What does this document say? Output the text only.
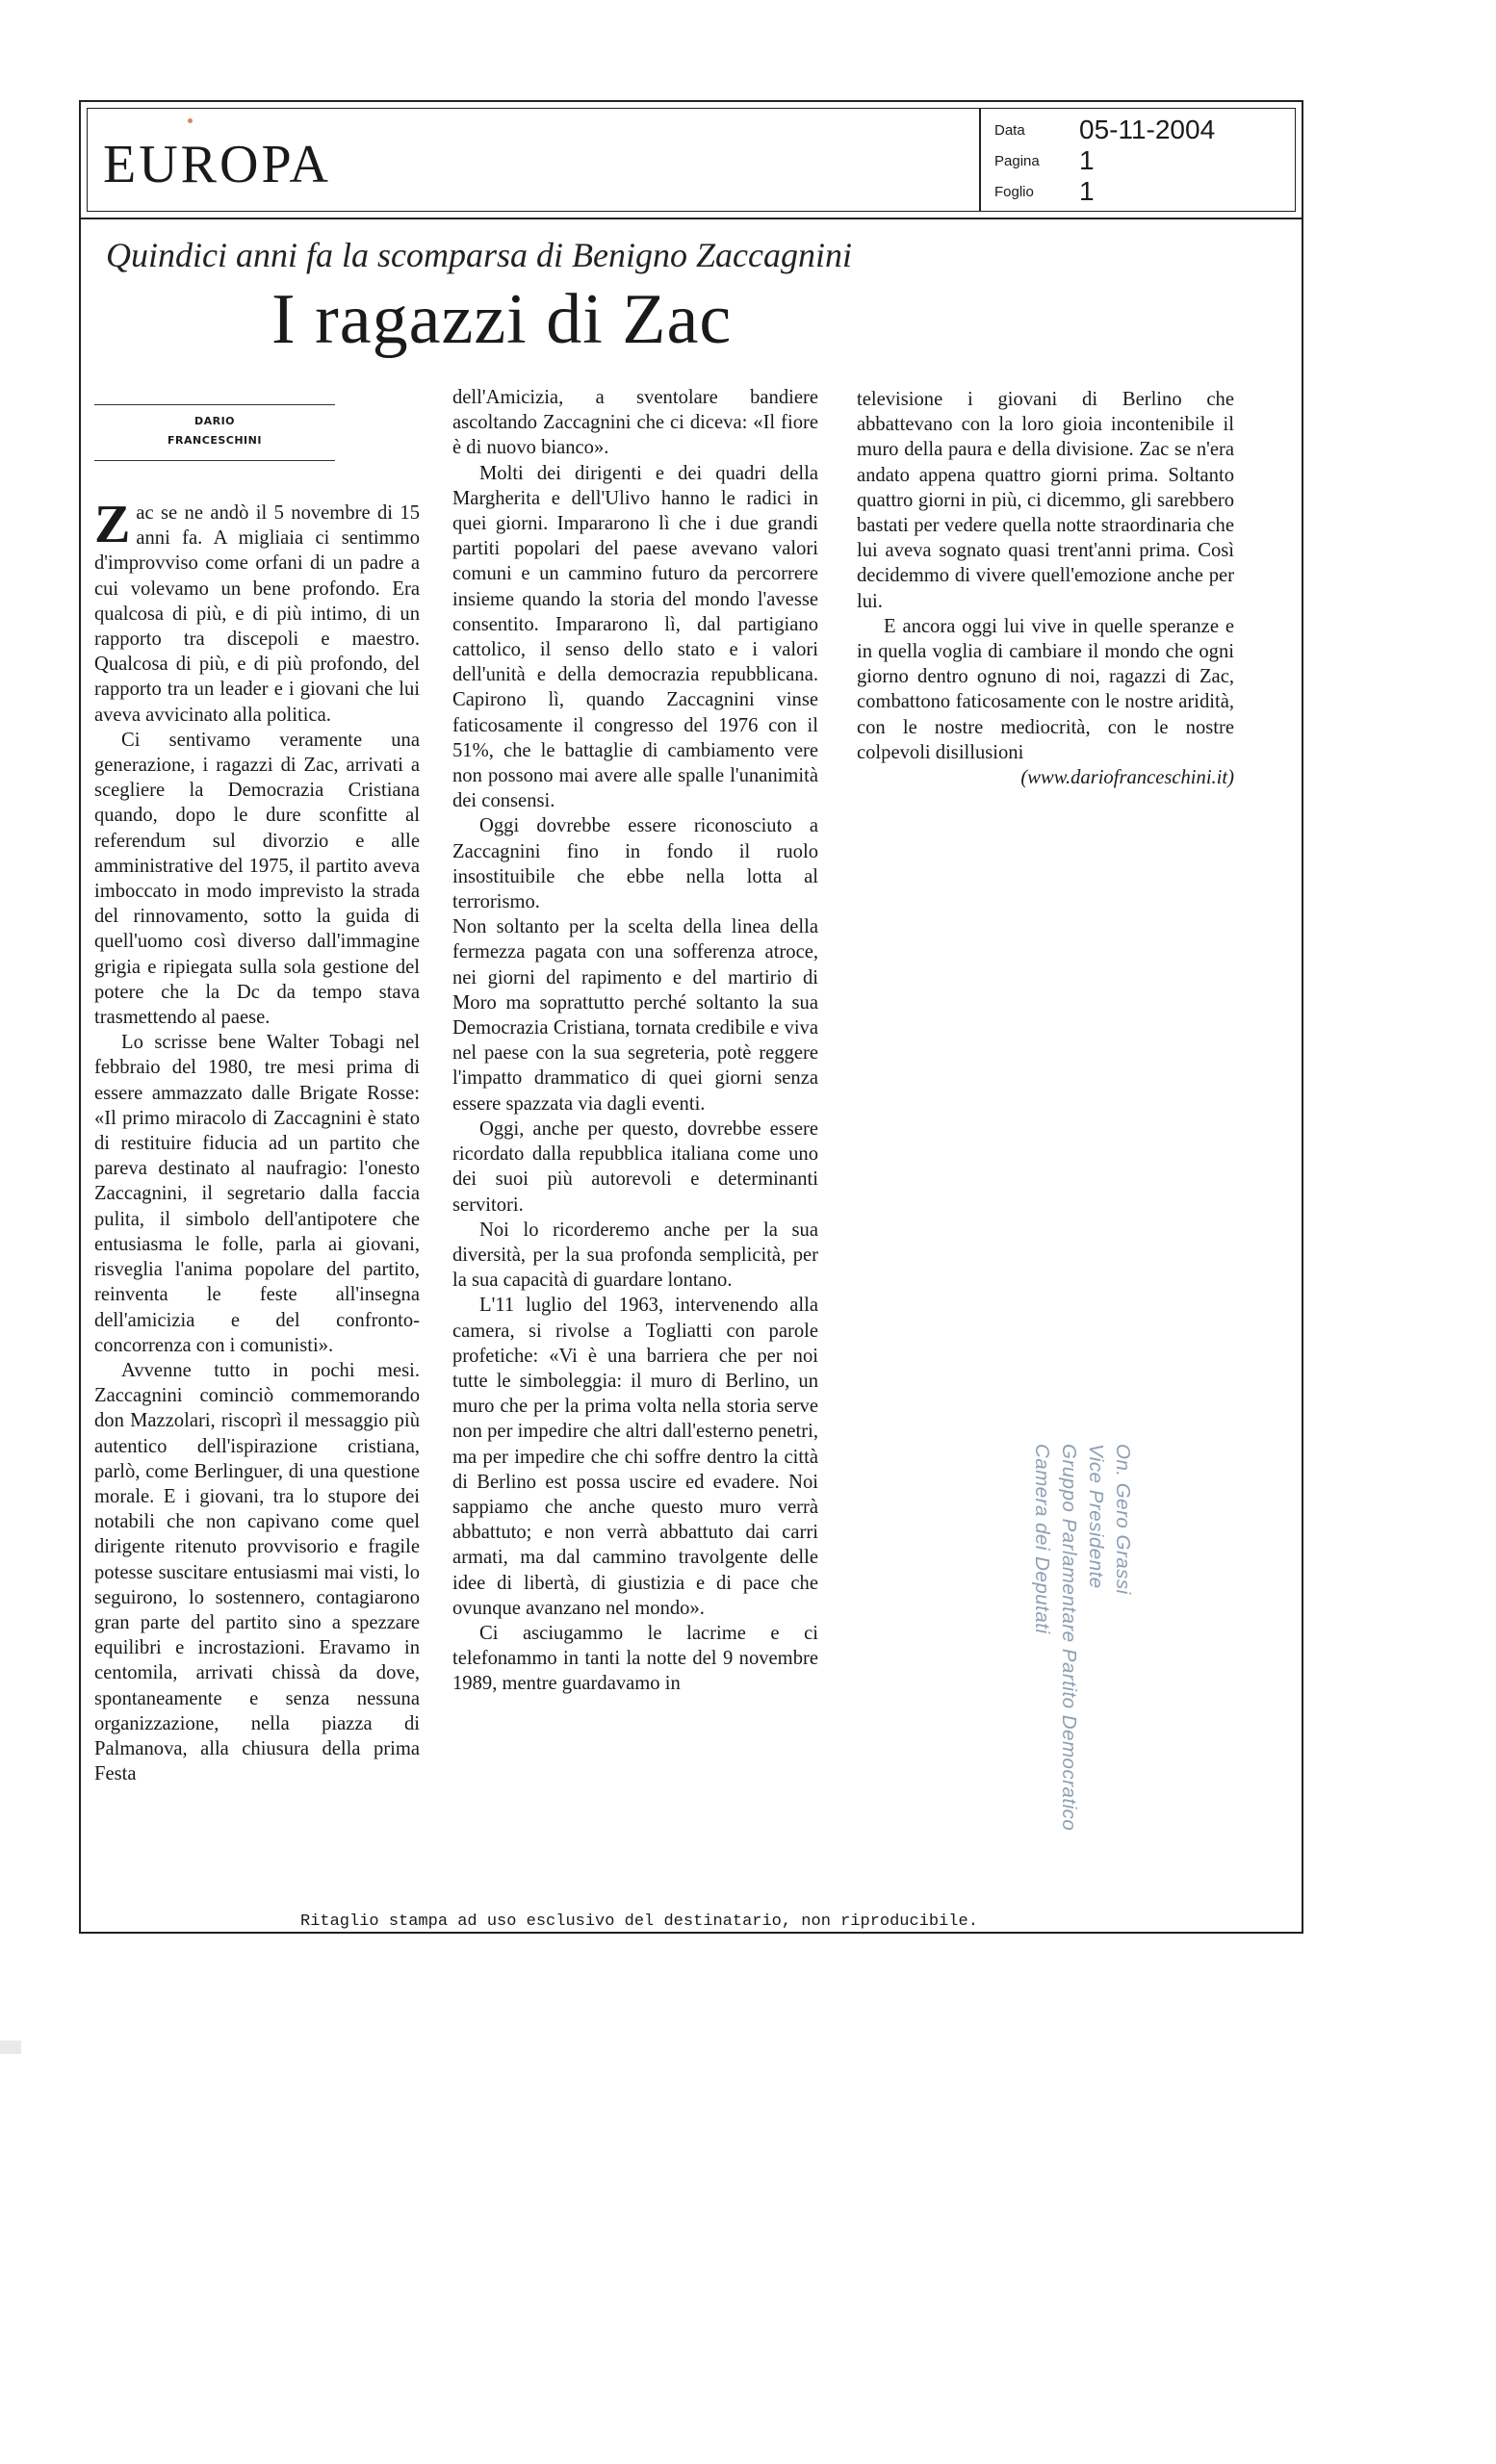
EUROPA
Data 05-11-2004
Pagina 1
Foglio 1
Quindici anni fa la scomparsa di Benigno Zaccagnini
I ragazzi di Zac
DARIO
FRANCESCHINI

Zac se ne andò il 5 novembre di 15 anni fa. A migliaia ci sentimmo d'improvviso come orfani di un padre a cui volevamo un bene profondo. Era qualcosa di più, e di più intimo, di un rapporto tra discepoli e maestro. Qualcosa di più, e di più profondo, del rapporto tra un leader e i giovani che lui aveva avvicinato alla politica.

Ci sentivamo veramente una generazione, i ragazzi di Zac, arrivati a scegliere la Democrazia Cristiana quando, dopo le dure sconfitte al referendum sul divorzio e alle amministrative del 1975, il partito aveva imboccato in modo imprevisto la strada del rinnovamento, sotto la guida di quell'uomo così diverso dall'immagine grigia e ripiegata sulla sola gestione del potere che la Dc da tempo stava trasmettendo al paese.

Lo scrisse bene Walter Tobagi nel febbraio del 1980, tre mesi prima di essere ammazzato dalle Brigate Rosse: «Il primo miracolo di Zaccagnini è stato di restituire fiducia ad un partito che pareva destinato al naufragio: l'onesto Zaccagnini, il segretario dalla faccia pulita, il simbolo dell'antipotere che entusiasma le folle, parla ai giovani, risveglia l'anima popolare del partito, reinventa le feste all'insegna dell'amicizia e del confronto-concorrenza con i comunisti».

Avvenne tutto in pochi mesi. Zaccagnini cominciò commemorando don Mazzolari, riscoprì il messaggio più autentico dell'ispirazione cristiana, parlò, come Berlinguer, di una questione morale. E i giovani, tra lo stupore dei notabili che non capivano come quel dirigente ritenuto provvisorio e fragile potesse suscitare entusiasmi mai visti, lo seguirono, lo sostennero, contagiarono gran parte del partito sino a spezzare equilibri e incrostazioni. Eravamo in centomila, arrivati chissà da dove, spontaneamente e senza nessuna organizzazione, nella piazza di Palmanova, alla chiusura della prima Festa

dell'Amicizia, a sventolare bandiere ascoltando Zaccagnini che ci diceva: «Il fiore è di nuovo bianco».

Molti dei dirigenti e dei quadri della Margherita e dell'Ulivo hanno le radici in quei giorni. Impararono lì che i due grandi partiti popolari del paese avevano valori comuni e un cammino futuro da percorrere insieme quando la storia del mondo l'avesse consentito. Impararono lì, dal partigiano cattolico, il senso dello stato e i valori dell'unità e della democrazia repubblicana. Capirono lì, quando Zaccagnini vinse faticosamente il congresso del 1976 con il 51%, che le battaglie di cambiamento vere non possono mai avere alle spalle l'unanimità dei consensi.

Oggi dovrebbe essere riconosciuto a Zaccagnini fino in fondo il ruolo insostituibile che ebbe nella lotta al terrorismo.

Non soltanto per la scelta della linea della fermezza pagata con una sofferenza atroce, nei giorni del rapimento e del martirio di Moro ma soprattutto perché soltanto la sua Democrazia Cristiana, tornata credibile e viva nel paese con la sua segreteria, potè reggere l'impatto drammatico di quei giorni senza essere spazzata via dagli eventi.

Oggi, anche per questo, dovrebbe essere ricordato dalla repubblica italiana come uno dei suoi più autorevoli e determinanti servitori.

Noi lo ricorderemo anche per la sua diversità, per la sua profonda semplicità, per la sua capacità di guardare lontano.

L'11 luglio del 1963, intervenendo alla camera, si rivolse a Togliatti con parole profetiche: «Vi è una barriera che per noi tutte le simboleggia: il muro di Berlino, un muro che per la prima volta nella storia serve non per impedire che altri dall'esterno penetri, ma per impedire che chi soffre dentro la città di Berlino est possa uscire ed evadere. Noi sappiamo che anche questo muro verrà abbattuto; e non verrà abbattuto dai carri armati, ma dal cammino travolgente delle idee di libertà, di giustizia e di pace che ovunque avanzano nel mondo».

Ci asciugammo le lacrime e ci telefonammo in tanti la notte del 9 novembre 1989, mentre guardavamo in

televisione i giovani di Berlino che abbattevano con la loro gioia incontenibile il muro della paura e della divisione. Zac se n'era andato appena quattro giorni prima. Soltanto quattro giorni in più, ci dicemmo, gli sarebbero bastati per vedere quella notte straordinaria che lui aveva sognato quasi trent'anni prima. Così decidemmo di vivere quell'emozione anche per lui.

E ancora oggi lui vive in quelle speranze e in quella voglia di cambiare il mondo che ogni giorno dentro ognuno di noi, ragazzi di Zac, combattono faticosamente con le nostre aridità, con le nostre mediocrità, con le nostre colpevoli disillusioni

(www.dariofranceschini.it)

Ritaglio stampa ad uso esclusivo del destinatario, non riproducibile.
On. Gero Grassi
Vice Presidente
Gruppo Parlamentare Partito Democratico
Camera dei Deputati
